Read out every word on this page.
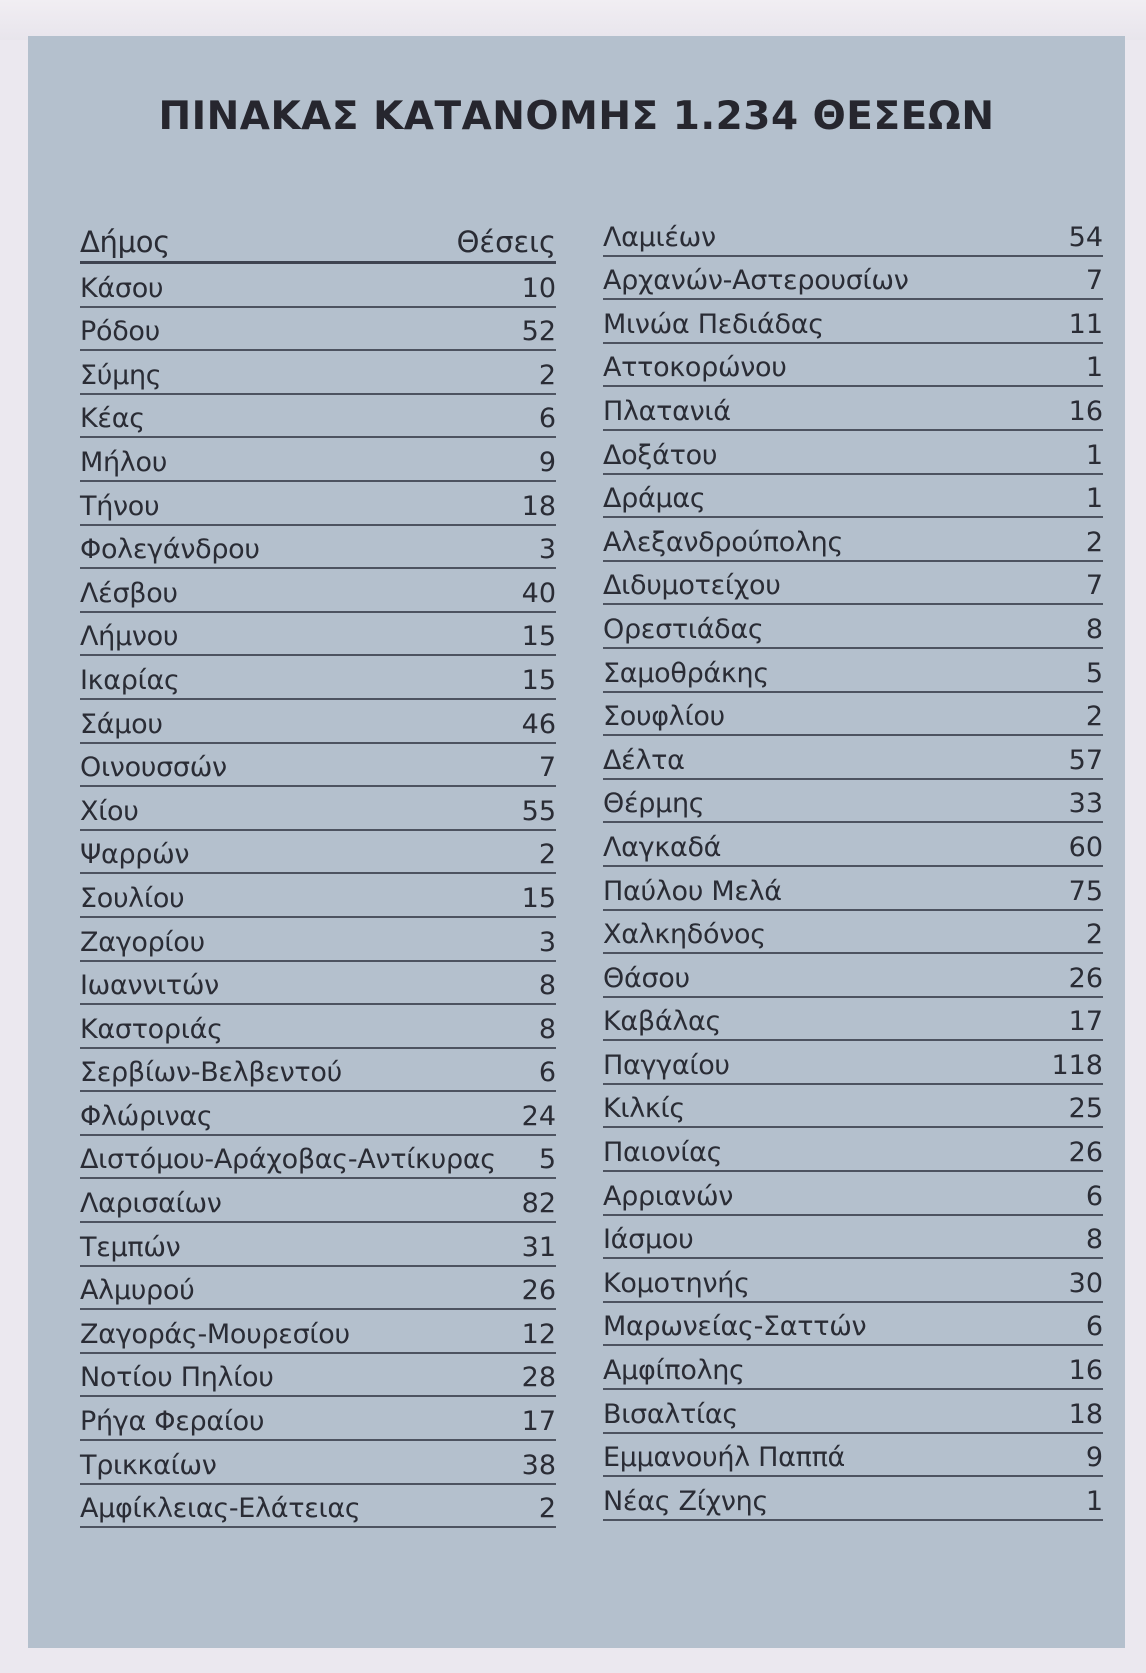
ΠΙΝΑΚΑΣ ΚΑΤΑΝΟΜΗΣ 1.234 ΘΕΣΕΩΝ
Δήμος	Θέσεις
Κάσου	10
Ρόδου	52
Σύμης	2
Κέας	6
Μήλου	9
Τήνου	18
Φολεγάνδρου	3
Λέσβου	40
Λήμνου	15
Ικαρίας	15
Σάμου	46
Οινουσσών	7
Χίου	55
Ψαρρών	2
Σουλίου	15
Ζαγορίου	3
Ιωαννιτών	8
Καστοριάς	8
Σερβίων-Βελβεντού	6
Φλώρινας	24
Διστόμου-Αράχοβας-Αντίκυρας 5
Λαρισαίων	82
Τεμπών	31
Αλμυρού	26
Ζαγοράς-Μουρεσίου	12
Νοτίου Πηλίου	28
Ρήγα Φεραίου	17
Τρικκαίων	38
Αμφίκλειας-Ελάτειας	2
Λαμιέων	54
Αρχανών-Αστερουσίων	7
Μινώα Πεδιάδας	11
Αττοκορώνου	1
Πλατανιά	16
Δοξάτου	1
Δράμας	1
Αλεξανδρούπολης	2
Διδυμοτείχου	7
Ορεστιάδας	8
Σαμοθράκης	5
Σουφλίου	2
Δέλτα	57
Θέρμης	33
Λαγκαδά	60
Παύλου Μελά	75
Χαλκηδόνος	2
Θάσου	26
Καβάλας	17
Παγγαίου	118
Κιλκίς	25
Παιονίας	26
Αρριανών	6
Ιάσμου	8
Κομοτηνής	30
Μαρωνείας-Σαττών	6
Αμφίπολης	16
Βισαλτίας	18
Εμμανουήλ Παππά	9
Νέας Ζίχνης	1
